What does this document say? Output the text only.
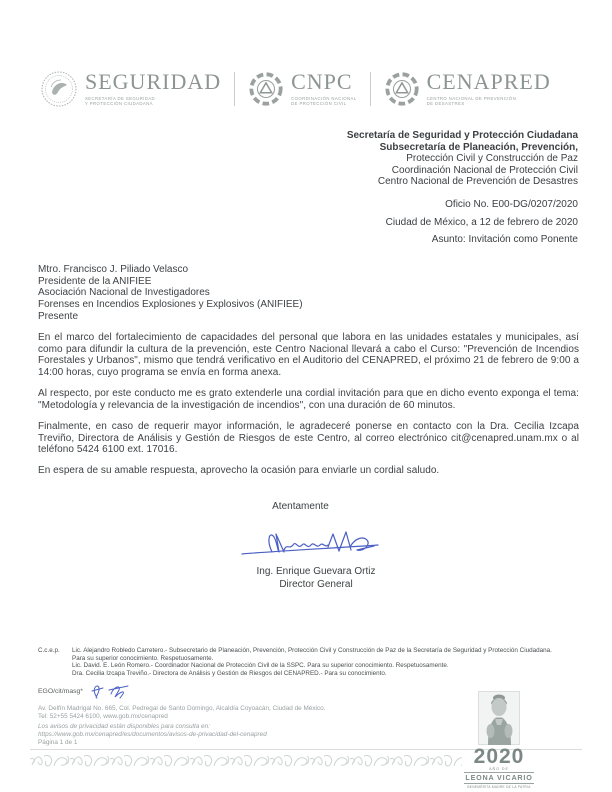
SEGURIDAD
SECRETARÍA DE SEGURIDAD
Y PROTECCIÓN CIUDADANA
CNPC
COORDINACIÓN NACIONAL
DE PROTECCIÓN CIVIL
CENAPRED
CENTRO NACIONAL DE PREVENCIÓN
DE DESASTRES
Secretaría de Seguridad y Protección Ciudadana
Subsecretaría de Planeación, Prevención,
Protección Civil y Construcción de Paz
Coordinación Nacional de Protección Civil
Centro Nacional de Prevención de Desastres
Oficio No. E00-DG/0207/2020
Ciudad de México, a 12 de febrero de 2020
Asunto: Invitación como Ponente
Mtro. Francisco J. Piliado Velasco
Presidente de la ANIFIEE
Asociación Nacional de Investigadores
Forenses en Incendios Explosiones y Explosivos (ANIFIEE)
Presente

En el marco del fortalecimiento de capacidades del personal que labora en las unidades estatales y municipales, así como para difundir la cultura de la prevención, este Centro Nacional llevará a cabo el Curso: "Prevención de Incendios Forestales y Urbanos", mismo que tendrá verificativo en el Auditorio del CENAPRED, el próximo 21 de febrero de 9:00 a 14:00 horas, cuyo programa se envía en forma anexa.

Al respecto, por este conducto me es grato extenderle una cordial invitación para que en dicho evento exponga el tema: "Metodología y relevancia de la investigación de incendios", con una duración de 60 minutos.

Finalmente, en caso de requerir mayor información, le agradeceré ponerse en contacto con la Dra. Cecilia Izcapa Treviño, Directora de Análisis y Gestión de Riesgos de este Centro, al correo electrónico cit@cenapred.unam.mx o al teléfono 5424 6100 ext. 17016.

En espera de su amable respuesta, aprovecho la ocasión para enviarle un cordial saludo.

Atentamente
Ing. Enrique Guevara Ortiz
Director General
C.c.e.p.	Lic. Alejandro Robledo Carretero.- Subsecretario de Planeación, Prevención, Protección Civil y Construcción de Paz de la Secretaría de Seguridad y Protección Ciudadana. Para su superior conocimiento. Respetuosamente.
Lic. David. E. León Romero.- Coordinador Nacional de Protección Civil de la SSPC. Para su superior conocimiento. Respetuosamente.
Dra. Cecilia Izcapa Treviño.- Directora de Análisis y Gestión de Riesgos del CENAPRED.- Para su conocimiento.
EGO/cit/masg*
Av. Delfín Madrigal No. 665, Col. Pedregal de Santo Domingo, Alcaldía Coyoacán, Ciudad de México.
Tel: 52+55 5424 6100, www.gob.mx/cenapred
Los avisos de privacidad están disponibles para consulta en:
https://www.gob.mx/cenapred/es/documentos/avisos-de-privacidad-del-cenapred
Página 1 de 1
2020
AÑO DE
LEONA VICARIO
BENEMÉRITA MADRE DE LA PATRIA
